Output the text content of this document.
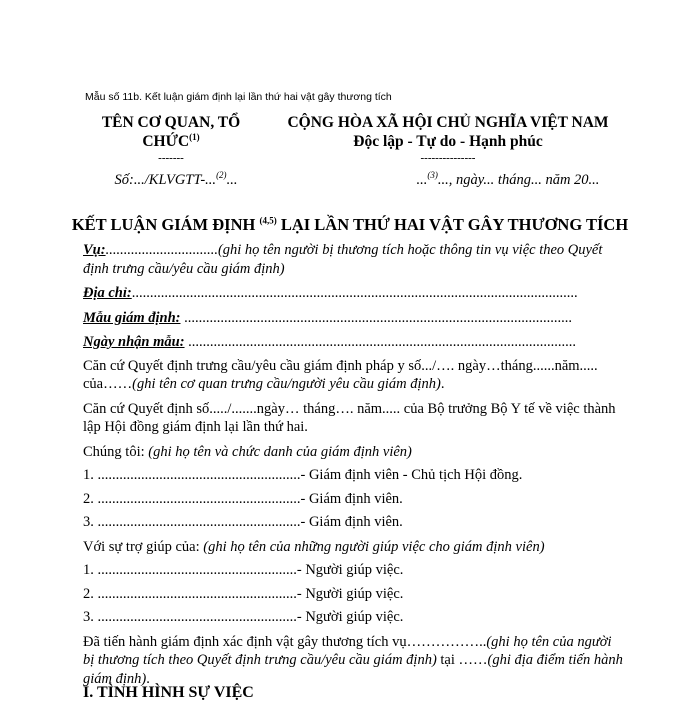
Mẫu số 11b. Kết luận giám định lại lần thứ hai vật gây thương tích
TÊN CƠ QUAN, TỔ
CHỨC$^{(1)}$
-------
CỘNG HÒA XÃ HỘI CHỦ NGHĨA VIỆT NAM
Độc lập - Tự do - Hạnh phúc
---------------
Số:.../KLVGTT-...$^{(2)}$...	...$^{(3)}$..., ngày... tháng... năm 20...
KẾT LUẬN GIÁM ĐỊNH $^{(4,5)}$ LẠI LẦN THỨ HAI VẬT GÂY THƯƠNG TÍCH

Vụ:...............................(ghi họ tên người bị thương tích hoặc thông tin vụ việc theo Quyết định trưng cầu/yêu cầu giám định)

Địa chỉ:...........................................................................................................................

Mẫu giám định: ...........................................................................................................

Ngày nhận mẫu: ...........................................................................................................

Căn cứ Quyết định trưng cầu/yêu cầu giám định pháp y số.../…. ngày…tháng......năm..... của……(ghi tên cơ quan trưng cầu/người yêu cầu giám định).

Căn cứ Quyết định số...../.......ngày… tháng…. năm..... của Bộ trưởng Bộ Y tế về việc thành lập Hội đồng giám định lại lần thứ hai.

Chúng tôi: (ghi họ tên và chức danh của giám định viên)

1. ........................................................- Giám định viên - Chủ tịch Hội đồng.

2. ........................................................- Giám định viên.

3. ........................................................- Giám định viên.

Với sự trợ giúp của: (ghi họ tên của những người giúp việc cho giám định viên)

1. .......................................................- Người giúp việc.

2. .......................................................- Người giúp việc.

3. .......................................................- Người giúp việc.

Đã tiến hành giám định xác định vật gây thương tích vụ……………..(ghi họ tên của người bị thương tích theo Quyết định trưng cầu/yêu cầu giám định) tại ……(ghi địa điểm tiến hành giám định).

I. TÌNH HÌNH SỰ VIỆC
